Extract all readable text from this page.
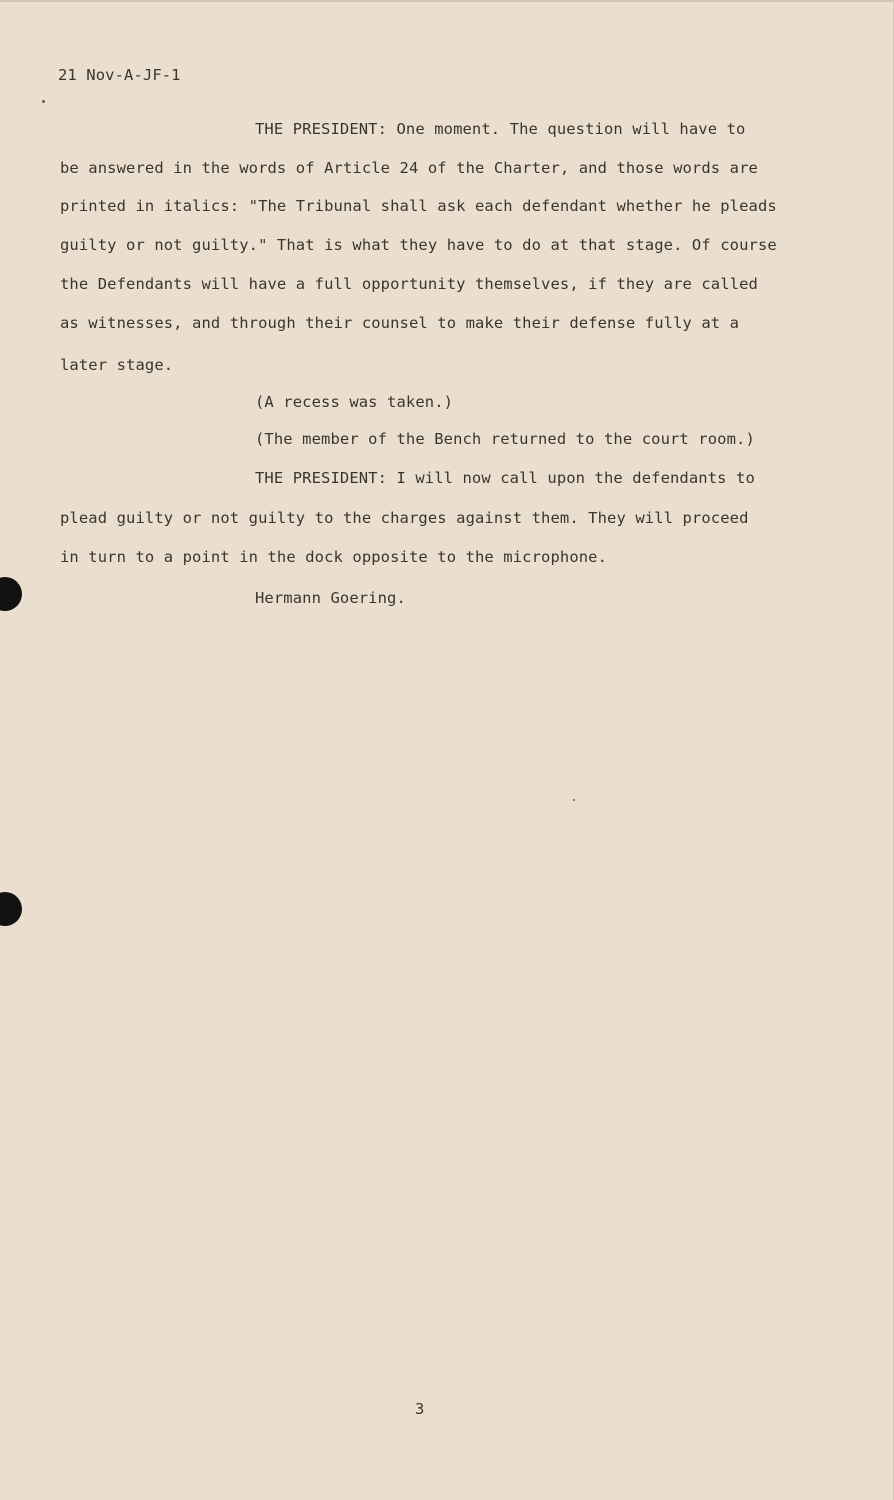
21 Nov-A-JF-1
THE PRESIDENT: One moment. The question will have to
be answered in the words of Article 24 of the Charter, and those words are
printed in italics: "The Tribunal shall ask each defendant whether he pleads
guilty or not guilty." That is what they have to do at that stage. Of course
the Defendants will have a full opportunity themselves, if they are called
as witnesses, and through their counsel to make their defense fully at a
later stage.
(A recess was taken.)
(The member of the Bench returned to the court room.)
THE PRESIDENT: I will now call upon the defendants to
plead guilty or not guilty to the charges against them. They will proceed
in turn to a point in the dock opposite to the microphone.
Hermann Goering.
3
